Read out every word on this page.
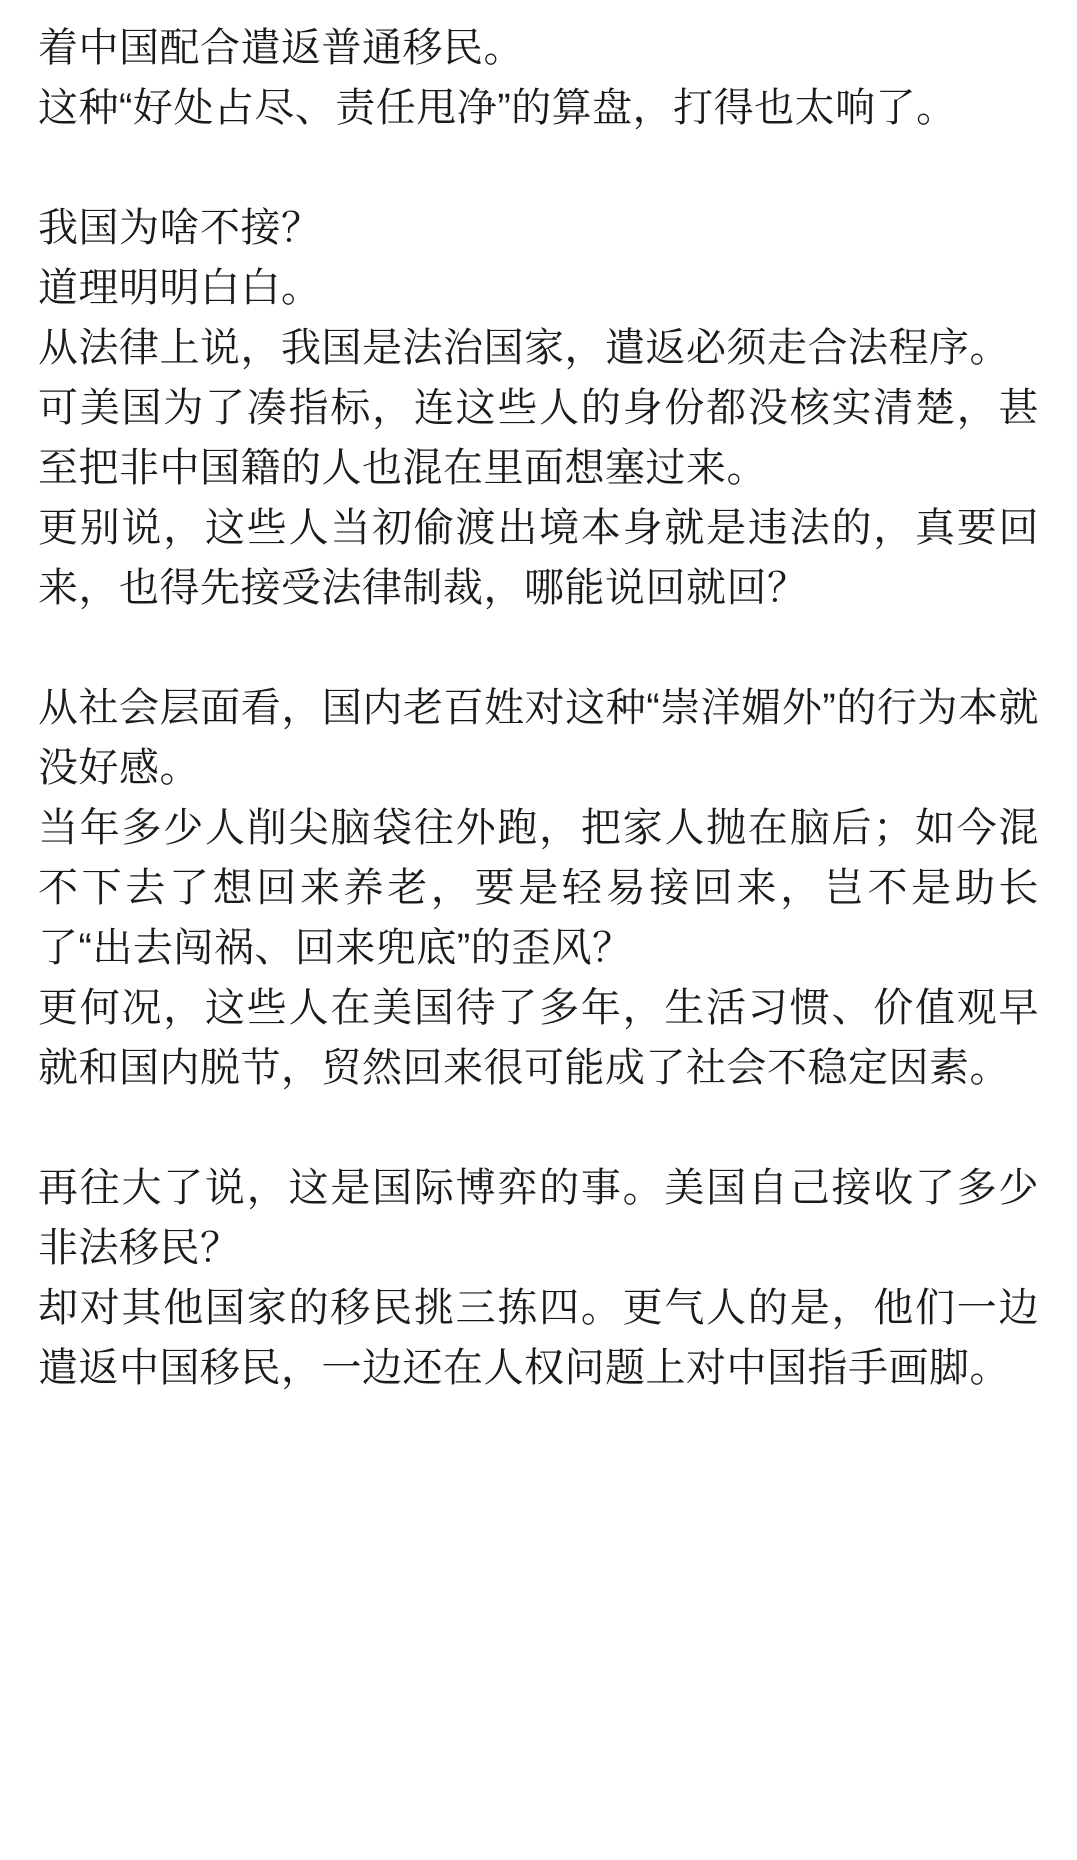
着中国配合遣返普通移民。

这种“好处占尽、责任甩净”的算盘，打得也太响了。

我国为啥不接？

道理明明白白。

从法律上说，我国是法治国家，遣返必须走合法程序。

可美国为了凑指标，连这些人的身份都没核实清楚，甚至把非中国籍的人也混在里面想塞过来。

更别说，这些人当初偷渡出境本身就是违法的，真要回来，也得先接受法律制裁，哪能说回就回？

从社会层面看，国内老百姓对这种“崇洋媚外”的行为本就没好感。

当年多少人削尖脑袋往外跑，把家人抛在脑后；如今混不下去了想回来养老，要是轻易接回来，岂不是助长了“出去闯祸、回来兜底”的歪风？

更何况，这些人在美国待了多年，生活习惯、价值观早就和国内脱节，贸然回来很可能成了社会不稳定因素。

再往大了说，这是国际博弈的事。美国自己接收了多少非法移民？

却对其他国家的移民挑三拣四。更气人的是，他们一边遣返中国移民，一边还在人权问题上对中国指手画脚。
